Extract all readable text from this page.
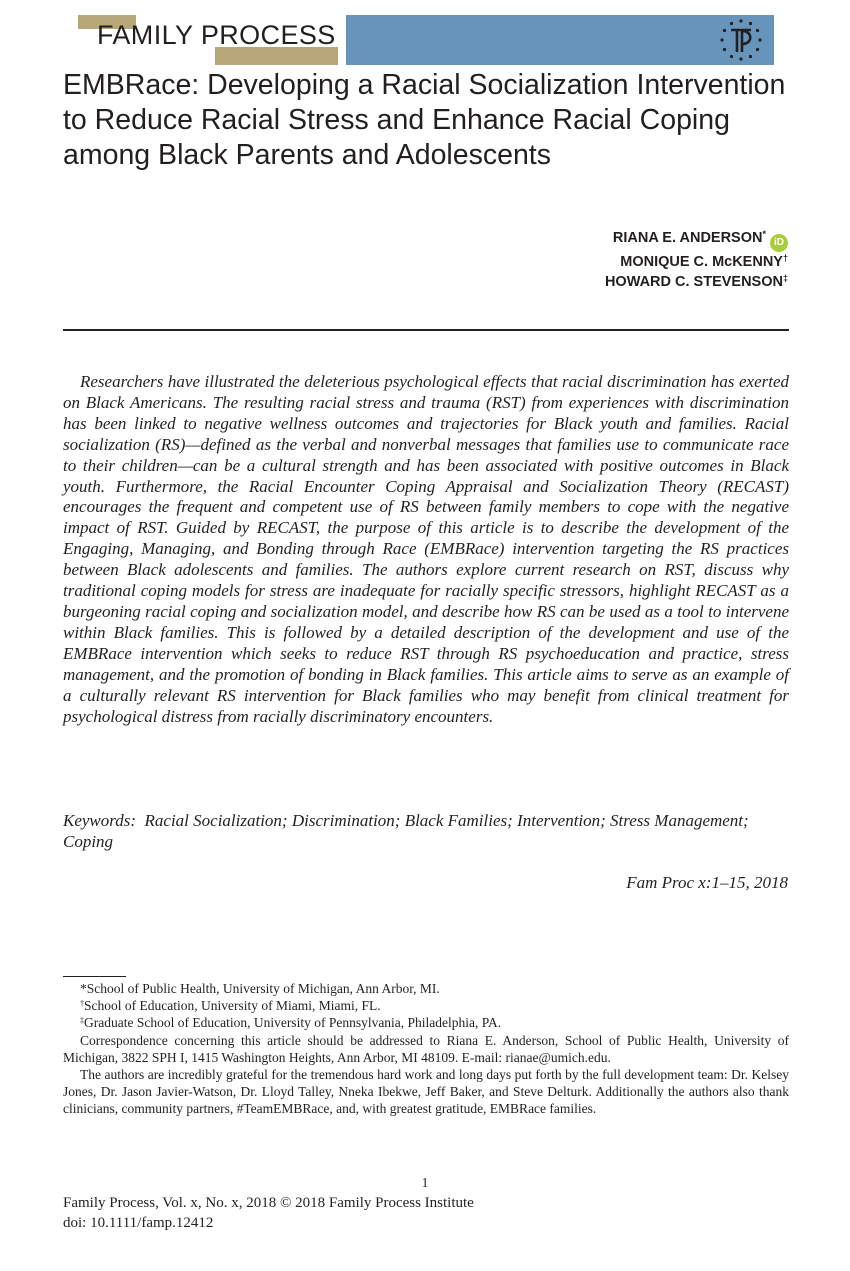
FAMILY PROCESS
EMBRace: Developing a Racial Socialization Intervention to Reduce Racial Stress and Enhance Racial Coping among Black Parents and Adolescents
RIANA E. ANDERSON*iD
MONIQUE C. McKENNY†
HOWARD C. STEVENSON‡

Researchers have illustrated the deleterious psychological effects that racial discrimination has exerted on Black Americans. The resulting racial stress and trauma (RST) from experiences with discrimination has been linked to negative wellness outcomes and trajectories for Black youth and families. Racial socialization (RS)—defined as the verbal and nonverbal messages that families use to communicate race to their children—can be a cultural strength and has been associated with positive outcomes in Black youth. Furthermore, the Racial Encounter Coping Appraisal and Socialization Theory (RECAST) encourages the frequent and competent use of RS between family members to cope with the negative impact of RST. Guided by RECAST, the purpose of this article is to describe the development of the Engaging, Managing, and Bonding through Race (EMBRace) intervention targeting the RS practices between Black adolescents and families. The authors explore current research on RST, discuss why traditional coping models for stress are inadequate for racially specific stressors, highlight RECAST as a burgeoning racial coping and socialization model, and describe how RS can be used as a tool to intervene within Black families. This is followed by a detailed description of the development and use of the EMBRace intervention which seeks to reduce RST through RS psychoeducation and practice, stress management, and the promotion of bonding in Black families. This article aims to serve as an example of a culturally relevant RS intervention for Black families who may benefit from clinical treatment for psychological distress from racially discriminatory encounters.

Keywords: Racial Socialization; Discrimination; Black Families; Intervention; Stress Management; Coping

Fam Proc x:1–15, 2018

*School of Public Health, University of Michigan, Ann Arbor, MI.

†School of Education, University of Miami, Miami, FL.

‡Graduate School of Education, University of Pennsylvania, Philadelphia, PA.

Correspondence concerning this article should be addressed to Riana E. Anderson, School of Public Health, University of Michigan, 3822 SPH I, 1415 Washington Heights, Ann Arbor, MI 48109. E-mail: rianae@umich.edu.

The authors are incredibly grateful for the tremendous hard work and long days put forth by the full development team: Dr. Kelsey Jones, Dr. Jason Javier-Watson, Dr. Lloyd Talley, Nneka Ibekwe, Jeff Baker, and Steve Delturk. Additionally the authors also thank clinicians, community partners, #TeamEMBRace, and, with greatest gratitude, EMBRace families.

1
Family Process, Vol. x, No. x, 2018 © 2018 Family Process Institute
doi: 10.1111/famp.12412
